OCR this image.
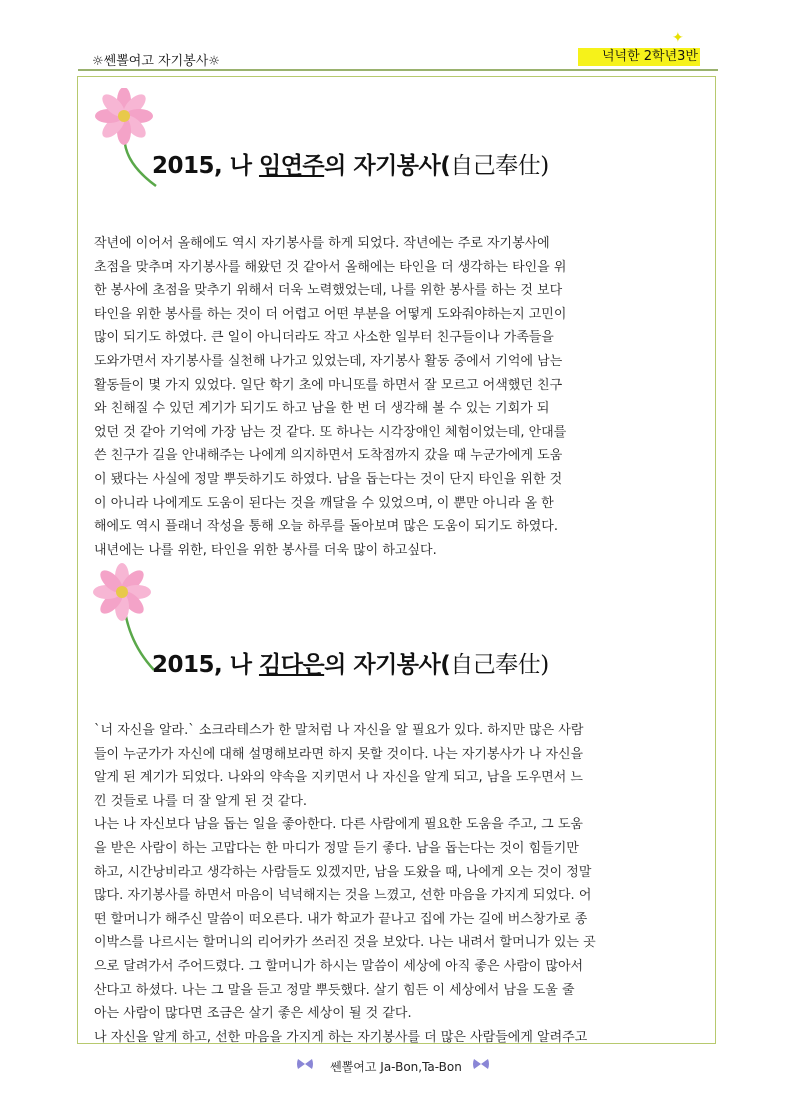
☼쎈뽈여고 자기봉사☼
✦
넉넉한 2학년3반
2015, 나 임연주의 자기봉사(自己奉仕)

작년에 이어서 올해에도 역시 자기봉사를 하게 되었다. 작년에는 주로 자기봉사에

초점을 맞추며 자기봉사를 해왔던 것 같아서 올해에는 타인을 더 생각하는 타인을 위

한 봉사에 초점을 맞추기 위해서 더욱 노력했었는데, 나를 위한 봉사를 하는 것 보다

타인을 위한 봉사를 하는 것이 더 어렵고 어떤 부분을 어떻게 도와줘야하는지 고민이

많이 되기도 하였다. 큰 일이 아니더라도 작고 사소한 일부터 친구들이나 가족들을

도와가면서 자기봉사를 실천해 나가고 있었는데, 자기봉사 활동 중에서 기억에 남는

활동들이 몇 가지 있었다. 일단 학기 초에 마니또를 하면서 잘 모르고 어색했던 친구

와 친해질 수 있던 계기가 되기도 하고 남을 한 번 더 생각해 볼 수 있는 기회가 되

었던 것 같아 기억에 가장 남는 것 같다. 또 하나는 시각장애인 체험이었는데, 안대를

쓴 친구가 길을 안내해주는 나에게 의지하면서 도착점까지 갔을 때 누군가에게 도움

이 됐다는 사실에 정말 뿌듯하기도 하였다. 남을 돕는다는 것이 단지 타인을 위한 것

이 아니라 나에게도 도움이 된다는 것을 깨달을 수 있었으며, 이 뿐만 아니라 올 한

해에도 역시 플래너 작성을 통해 오늘 하루를 돌아보며 많은 도움이 되기도 하였다.

내년에는 나를 위한, 타인을 위한 봉사를 더욱 많이 하고싶다.

2015, 나 김다은의 자기봉사(自己奉仕)

`너 자신을 알라.` 소크라테스가 한 말처럼 나 자신을 알 필요가 있다. 하지만 많은 사람

들이 누군가가 자신에 대해 설명해보라면 하지 못할 것이다. 나는 자기봉사가 나 자신을

알게 된 계기가 되었다. 나와의 약속을 지키면서 나 자신을 알게 되고, 남을 도우면서 느

낀 것들로 나를 더 잘 알게 된 것 같다.

나는 나 자신보다 남을 돕는 일을 좋아한다. 다른 사람에게 필요한 도움을 주고, 그 도움

을 받은 사람이 하는 고맙다는 한 마디가 정말 듣기 좋다. 남을 돕는다는 것이 힘들기만

하고, 시간낭비라고 생각하는 사람들도 있겠지만, 남을 도왔을 때, 나에게 오는 것이 정말

많다. 자기봉사를 하면서 마음이 넉넉해지는 것을 느꼈고, 선한 마음을 가지게 되었다. 어

떤 할머니가 해주신 말씀이 떠오른다. 내가 학교가 끝나고 집에 가는 길에 버스창가로 종

이박스를 나르시는 할머니의 리어카가 쓰러진 것을 보았다. 나는 내려서 할머니가 있는 곳

으로 달려가서 주어드렸다. 그 할머니가 하시는 말씀이 세상에 아직 좋은 사람이 많아서

산다고 하셨다. 나는 그 말을 듣고 정말 뿌듯했다. 살기 힘든 이 세상에서 남을 도울 줄

아는 사람이 많다면 조금은 살기 좋은 세상이 될 것 같다.

나 자신을 알게 하고, 선한 마음을 가지게 하는 자기봉사를 더 많은 사람들에게 알려주고

쎈뽈여고 Ja-Bon,Ta-Bon
